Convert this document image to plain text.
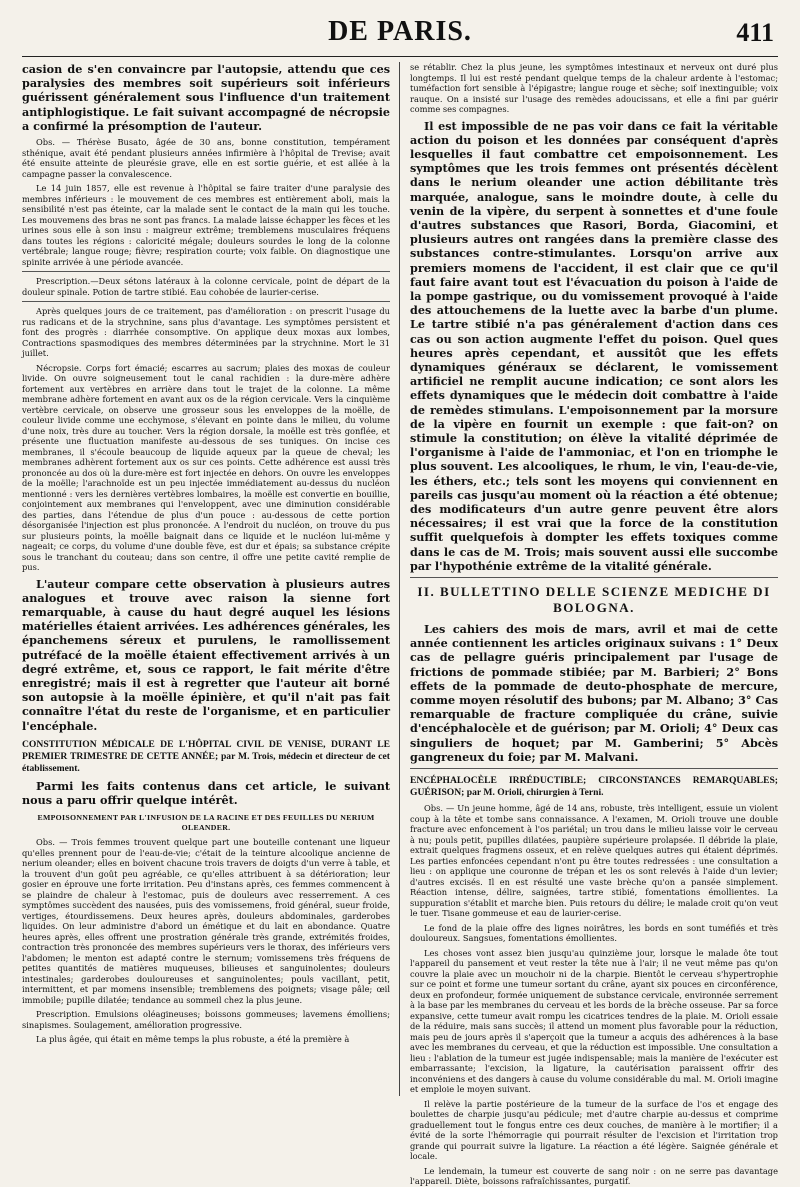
DE PARIS.	411

casion de s'en convaincre par l'autopsie, attendu que ces paralysies des membres soit supérieurs soit inférieurs guérissent généralement sous l'influence d'un traitement antiphlogistique. Le fait suivant accompagné de nécropsie a confirmé la présomption de l'auteur.

Obs. — Thérèse Busato, âgée de 30 ans, bonne constitution, tempérament sthénique, avait été pendant plusieurs années infirmière à l'hôpital de Trevise; avait été ensuite atteinte de pleurésie grave, elle en est sortie guérie, et est allée à la campagne passer la convalescence.

Le 14 juin 1857, elle est revenue à l'hôpital se faire traiter d'une paralysie des membres inférieurs : le mouvement de ces membres est entièrement aboli, mais la sensibilité n'est pas éteinte, car la malade sent le contact de la main qui les touche. Les mouvemens des bras ne sont pas francs. La malade laisse échapper les fèces et les urines sous elle à son insu : maigreur extrême; tremblemens musculaires fréquens dans toutes les régions : caloricité mégale; douleurs sourdes le long de la colonne vertébrale; langue rouge; fièvre; respiration courte; voix faible. On diagnostique une spinite arrivée à une période avancée.

Prescription.—Deux sétons latéraux à la colonne cervicale, point de départ de la douleur spinale. Potion de tartre stibié. Eau cohobée de laurier-cerise.

Après quelques jours de ce traitement, pas d'amélioration : on prescrit l'usage du rus radicans et de la strychnine, sans plus d'avantage. Les symptômes persistent et font des progrès : diarrhée consomptive. On applique deux moxas aux lombes, Contractions spasmodiques des membres déterminées par la strychnine. Mort le 31 juillet.

Nécropsie. Corps fort émacié; escarres au sacrum; plaies des moxas de couleur livide. On ouvre soigneusement tout le canal rachidien : la dure-mère adhère fortement aux vertèbres en arrière dans tout le trajet de la colonne. La même membrane adhère fortement en avant aux os de la région cervicale. Vers la cinquième vertèbre cervicale, on observe une grosseur sous les enveloppes de la moëlle, de couleur livide comme une ecchymose, s'élevant en pointe dans le milieu, du volume d'une noix, très dure au toucher. Vers la région dorsale, la moëlle est très gonflée, et présente une fluctuation manifeste au-dessous de ses tuniques. On incise ces membranes, il s'écoule beaucoup de liquide aqueux par la queue de cheval; les membranes adhèrent fortement aux os sur ces points. Cette adhérence est aussi très prononcée au dos où la dure-mère est fort injectée en dehors. On ouvre les enveloppes de la moëlle; l'arachnoïde est un peu injectée immédiatement au-dessus du nucléon mentionné : vers les dernières vertèbres lombaires, la moëlle est convertie en bouillie, conjointement aux membranes qui l'enveloppent, avec une diminution considérable des parties, dans l'étendue de plus d'un pouce : au-dessous de cette portion désorganisée l'injection est plus prononcée. A l'endroit du nucléon, on trouve du pus sur plusieurs points, la moëlle baignait dans ce liquide et le nucléon lui-même y nageait; ce corps, du volume d'une double fève, est dur et épais; sa substance crépite sous le tranchant du couteau; dans son centre, il offre une petite cavité remplie de pus.

L'auteur compare cette observation à plusieurs autres analogues et trouve avec raison la sienne fort remarquable, à cause du haut degré auquel les lésions matérielles étaient arrivées. Les adhérences générales, les épanchemens séreux et purulens, le ramollissement putréfacé de la moëlle étaient effectivement arrivés à un degré extrême, et, sous ce rapport, le fait mérite d'être enregistré; mais il est à regretter que l'auteur ait borné son autopsie à la moëlle épinière, et qu'il n'ait pas fait connaître l'état du reste de l'organisme, et en particulier l'encéphale.

CONSTITUTION MÉDICALE DE L'HÔPITAL CIVIL DE VENISE, DURANT LE PREMIER TRIMESTRE DE CETTE ANNÉE; par M. Trois, médecin et directeur de cet établissement.

Parmi les faits contenus dans cet article, le suivant nous a paru offrir quelque intérêt.

EMPOISONNEMENT PAR L'INFUSION DE LA RACINE ET DES FEUILLES DU NERIUM OLEANDER.

Obs. — Trois femmes trouvent quelque part une bouteille contenant une liqueur qu'elles prennent pour de l'eau-de-vie; c'était de la teinture alcoolique ancienne de nerium oleander; elles en boivent chacune trois travers de doigts d'un verre à table, et la trouvent d'un goût peu agréable, ce qu'elles attribuent à sa détérioration; leur gosier en éprouve une forte irritation. Peu d'instans après, ces femmes commencent à se plaindre de chaleur à l'estomac, puis de douleurs avec resserrement. A ces symptômes succèdent des nausées, puis des vomissemens, froid général, sueur froide, vertiges, étourdissemens. Deux heures après, douleurs abdominales, garderobes liquides. On leur administre d'abord un émétique et du lait en abondance. Quatre heures après, elles offrent une prostration générale très grande, extrémités froides, contraction très prononcée des membres supérieurs vers le thorax, des inférieurs vers l'abdomen; le menton est adapté contre le sternum; vomissemens très fréquens de petites quantités de matières muqueuses, bilieuses et sanguinolentes; douleurs intestinales; garderobes douloureuses et sanguinolentes; pouls vacillant, petit, intermittent, et par momens insensible; tremblemens des poignets; visage pâle; œil immobile; pupille dilatée; tendance au sommeil chez la plus jeune.

Prescription. Emulsions oléagineuses; boissons gommeuses; lavemens émolliens; sinapismes. Soulagement, amélioration progressive.

La plus âgée, qui était en même temps la plus robuste, a été la première à

se rétablir. Chez la plus jeune, les symptômes intestinaux et nerveux ont duré plus longtemps. Il lui est resté pendant quelque temps de la chaleur ardente à l'estomac; tuméfaction fort sensible à l'épigastre; langue rouge et sèche; soif inextinguible; voix rauque. On a insisté sur l'usage des remèdes adoucissans, et elle a fini par guérir comme ses compagnes.

Il est impossible de ne pas voir dans ce fait la véritable action du poison et les données par conséquent d'après lesquelles il faut combattre cet empoisonnement. Les symptômes que les trois femmes ont présentés décèlent dans le nerium oleander une action débilitante très marquée, analogue, sans le moindre doute, à celle du venin de la vipère, du serpent à sonnettes et d'une foule d'autres substances que Rasori, Borda, Giacomini, et plusieurs autres ont rangées dans la première classe des substances contre-stimulantes. Lorsqu'on arrive aux premiers momens de l'accident, il est clair que ce qu'il faut faire avant tout est l'évacuation du poison à l'aide de la pompe gastrique, ou du vomissement provoqué à l'aide des attouchemens de la luette avec la barbe d'un plume. Le tartre stibié n'a pas généralement d'action dans ces cas ou son action augmente l'effet du poison. Quel ques heures après cependant, et aussitôt que les effets dynamiques généraux se déclarent, le vomissement artificiel ne remplit aucune indication; ce sont alors les effets dynamiques que le médecin doit combattre à l'aide de remèdes stimulans. L'empoisonnement par la morsure de la vipère en fournit un exemple : que fait-on? on stimule la constitution; on élève la vitalité déprimée de l'organisme à l'aide de l'ammoniac, et l'on en triomphe le plus souvent. Les alcooliques, le rhum, le vin, l'eau-de-vie, les éthers, etc.; tels sont les moyens qui conviennent en pareils cas jusqu'au moment où la réaction a été obtenue; des modificateurs d'un autre genre peuvent être alors nécessaires; il est vrai que la force de la constitution suffit quelquefois à dompter les effets toxiques comme dans le cas de M. Trois; mais souvent aussi elle succombe par l'hypothénie extrême de la vitalité générale.

II. BULLETTINO DELLE SCIENZE MEDICHE DI BOLOGNA.

Les cahiers des mois de mars, avril et mai de cette année contiennent les articles originaux suivans : 1° Deux cas de pellagre guéris principalement par l'usage de frictions de pommade stibiée; par M. Barbieri; 2° Bons effets de la pommade de deuto-phosphate de mercure, comme moyen résolutif des bubons; par M. Albano; 3° Cas remarquable de fracture compliquée du crâne, suivie d'encéphalocèle et de guérison; par M. Orioli; 4° Deux cas singuliers de hoquet; par M. Gamberini; 5° Abcès gangreneux du foie; par M. Malvani.

ENCÉPHALOCÈLE IRRÉDUCTIBLE; CIRCONSTANCES REMARQUABLES; GUÉRISON; par M. Orioli, chirurgien à Terni.

Obs. — Un jeune homme, âgé de 14 ans, robuste, très intelligent, essuie un violent coup à la tête et tombe sans connaissance. A l'examen, M. Orioli trouve une double fracture avec enfoncement à l'os pariétal; un trou dans le milieu laisse voir le cerveau à nu; pouls petit, pupilles dilatées, paupière supérieure prolapsée. Il débride la plaie, extrait quelques fragmens osseux, et en relève quelques autres qui étaient déprimés. Les parties enfoncées cependant n'ont pu être toutes redressées : une consultation a lieu : on applique une couronne de trépan et les os sont relevés à l'aide d'un levier; d'autres excisés. Il en est résulté une vaste brèche qu'on a pansée simplement. Réaction intense, délire, saignées, tartre stibié, fomentations émollientes. La suppuration s'établit et marche bien. Puis retours du délire; le malade croit qu'on veut le tuer. Tisane gommeuse et eau de laurier-cerise.

Le fond de la plaie offre des lignes noirâtres, les bords en sont tuméfiés et très douloureux. Sangsues, fomentations émollientes.

Les choses vont assez bien jusqu'au quinzième jour, lorsque le malade ôte tout l'appareil du pansement et veut rester la tête nue à l'air; il ne veut même pas qu'on couvre la plaie avec un mouchoir ni de la charpie. Bientôt le cerveau s'hypertrophie sur ce point et forme une tumeur sortant du crâne, ayant six pouces en circonférence, deux en profondeur, formée uniquement de substance cervicale, environnée serrement à la base par les membranes du cerveau et les bords de la brèche osseuse. Par sa force expansive, cette tumeur avait rompu les cicatrices tendres de la plaie. M. Orioli essaie de la réduire, mais sans succès; il attend un moment plus favorable pour la réduction, mais peu de jours après il s'aperçoit que la tumeur a acquis des adhérences à la base avec les membranes du cerveau, et que la réduction est impossible. Une consultation a lieu : l'ablation de la tumeur est jugée indispensable; mais la manière de l'exécuter est embarrassante; l'excision, la ligature, la cautérisation paraissent offrir des inconvéniens et des dangers à cause du volume considérable du mal. M. Orioli imagine et emploie le moyen suivant.

Il relève la partie postérieure de la tumeur de la surface de l'os et engage des boulettes de charpie jusqu'au pédicule; met d'autre charpie au-dessus et comprime graduellement tout le fongus entre ces deux couches, de manière à le mortifier; il a évité de la sorte l'hémorragie qui pourrait résulter de l'excision et l'irritation trop grande qui pourrait suivre la ligature. La réaction a été légère. Saignée générale et locale.

Le lendemain, la tumeur est couverte de sang noir : on ne serre pas davantage l'appareil. Diète, boissons rafraîchissantes, purgatif.
